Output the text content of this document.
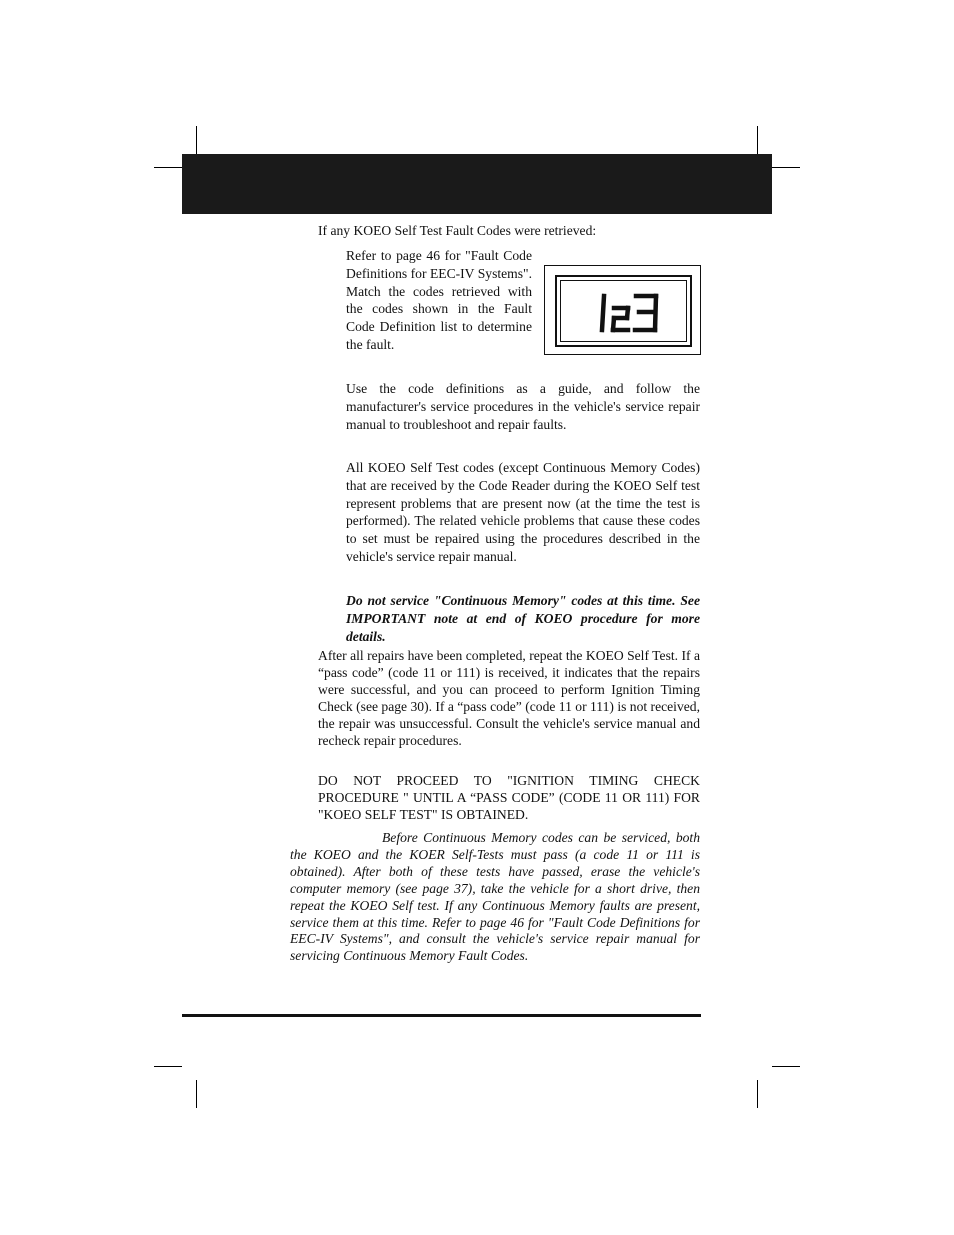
If any KOEO Self Test Fault Codes were retrieved:

Refer to page 46 for "Fault Code Definitions for EEC-IV Systems". Match the codes retrieved with the codes shown in the Fault Code Definition list to determine the fault.

Use the code definitions as a guide, and follow the manufacturer's service procedures in the vehicle's service repair manual to troubleshoot and repair faults.

All KOEO Self Test codes (except Continuous Memory Codes) that are received by the Code Reader during the KOEO Self test represent problems that are present now (at the time the test is performed). The related vehicle problems that cause these codes to set must be repaired using the procedures described in the vehicle's service repair manual.

Do not service "Continuous Memory" codes at this time. See IMPORTANT note at end of KOEO procedure for more details.

After all repairs have been completed, repeat the KOEO Self Test. If a “pass code” (code 11 or 111) is received, it indicates that the repairs were successful, and you can proceed to perform Ignition Timing Check (see page 30). If a “pass code” (code 11 or 111) is not received, the repair was unsuccessful. Consult the vehicle's service manual and recheck repair procedures.

DO NOT PROCEED TO "IGNITION TIMING CHECK PROCEDURE " UNTIL A “PASS CODE” (CODE 11 OR 111) FOR "KOEO SELF TEST" IS OBTAINED.

Before Continuous Memory codes can be serviced, both the KOEO and the KOER Self-Tests must pass (a code 11 or 111 is obtained). After both of these tests have passed, erase the vehicle's computer memory (see page 37), take the vehicle for a short drive, then repeat the KOEO Self test. If any Continuous Memory faults are present, service them at this time. Refer to page 46 for "Fault Code Definitions for EEC-IV Systems", and consult the vehicle's service repair manual for servicing Continuous Memory Fault Codes.
